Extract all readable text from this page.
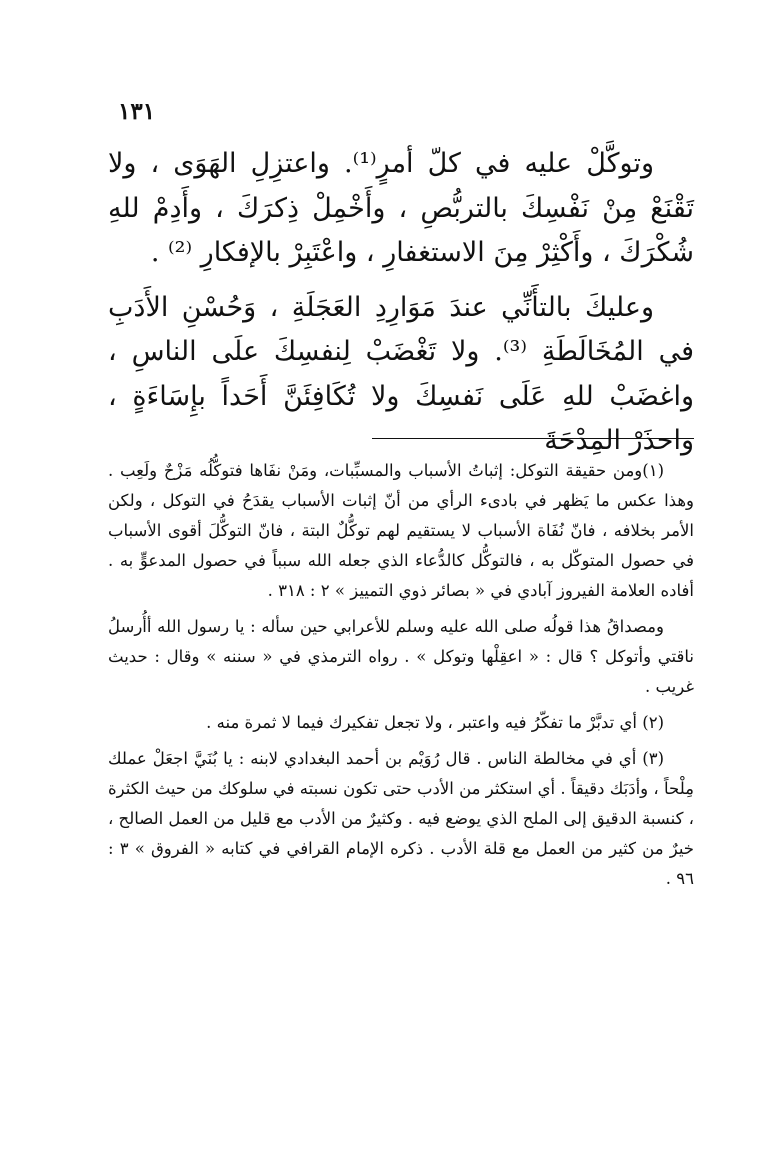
١٣١

وتوكَّلْ عليه في كلّ أمرٍ⁽¹⁾. واعتزِلِ الهَوَى ، ولا تَقْنَعْ مِنْ نَفْسِكَ بالتربُّصِ ، وأَخْمِلْ ذِكرَكَ ، وأَدِمْ للهِ شُكْرَكَ ، وأَكْثِرْ مِنَ الاستغفارِ ، واعْتَبِرْ بالإفكارِ ⁽²⁾ .

وعليكَ بالتأَنِّي عندَ مَوَارِدِ العَجَلَةِ ، وَحُسْنِ الأَدَبِ في المُخَالَطَةِ ⁽³⁾. ولا تَغْضَبْ لِنفسِكَ علَى الناسِ ، واغضَبْ للهِ عَلَى نَفسِكَ ولا تُكَافِئَنَّ أَحَداً بإِسَاءَةٍ ، واحذَرْ المِدْحَةَ

(١)ومن حقيقة التوكل: إثباتُ الأسباب والمسبِّبات، ومَنْ نفَاها فتوكُّلُه مَزْحٌ ولَعِب . وهذا عكس ما يَظهر في بادىء الرأي من أنّ إثبات الأسباب يقدَحُ في التوكل ، ولكن الأمر بخلافه ، فانّ نُفَاة الأسباب لا يستقيم لهم توكُّلٌ البتة ، فانّ التوكُّلَ أقوى الأسباب في حصول المتوكّل به ، فالتوكُّل كالدُّعاء الذي جعله الله سبباً في حصول المدعوٍّ به . أفاده العلامة الفيروز آبادي في « بصائر ذوي التمييز » ٢ : ٣١٨ .

ومصداقُ هذا قولُه صلى الله عليه وسلم للأعرابي حين سأله : يا رسول الله أأُرسلُ ناقتي وأتوكل ؟ قال : « اعقِلْها وتوكل » . رواه الترمذي في « سننه » وقال : حديث غريب .

(٢) أي تدبَّرْ ما تفكّرُ فيه واعتبر ، ولا تجعل تفكيرك فيما لا ثمرة منه .

(٣) أي في مخالطة الناس . قال رُوَيْم بن أحمد البغدادي لابنه : يا بُنَيَّ اجعَلْ عملك مِلْحاً ، وأدَبَك دقيقاً . أي استكثر من الأدب حتى تكون نسبته في سلوكك من حيث الكثرة ، كنسبة الدقيق إلى الملح الذي يوضع فيه . وكثيرٌ من الأدب مع قليل من العمل الصالح ، خيرٌ من كثير من العمل مع قلة الأدب . ذكره الإمام القرافي في كتابه « الفروق » ٣ : ٩٦ .
